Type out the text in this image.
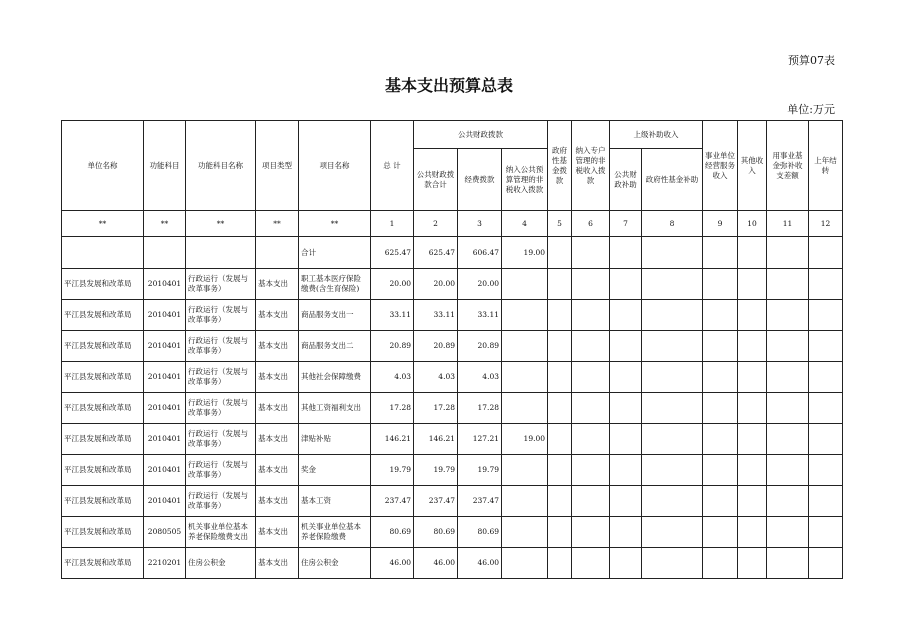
预算07表
基本支出预算总表
单位:万元
单位名称	功能科目	功能科目名称	项目类型	项目名称	总 计	公共财政拨款			政府性基金拨款	纳入专户管理的非税收入拨款	上级补助收入		事业单位经营服务收入	其他收入	用事业基金弥补收支差额	上年结转
						公共财政拨款合计	经费拨款	纳入公共预算管理的非税收入拨款			公共财政补助	政府性基金补助				
**	**	**	**	**	1	2	3	4	5	6	7	8	9	10	11	12
				合计	625.47	625.47	606.47	19.00								
平江县发展和改革局	2010401	行政运行（发展与改革事务）	基本支出	职工基本医疗保险缴费(含生育保险)	20.00	20.00	20.00									
平江县发展和改革局	2010401	行政运行（发展与改革事务）	基本支出	商品服务支出一	33.11	33.11	33.11									
平江县发展和改革局	2010401	行政运行（发展与改革事务）	基本支出	商品服务支出二	20.89	20.89	20.89									
平江县发展和改革局	2010401	行政运行（发展与改革事务）	基本支出	其他社会保障缴费	4.03	4.03	4.03									
平江县发展和改革局	2010401	行政运行（发展与改革事务）	基本支出	其他工资福利支出	17.28	17.28	17.28									
平江县发展和改革局	2010401	行政运行（发展与改革事务）	基本支出	津贴补贴	146.21	146.21	127.21	19.00								
平江县发展和改革局	2010401	行政运行（发展与改革事务）	基本支出	奖金	19.79	19.79	19.79									
平江县发展和改革局	2010401	行政运行（发展与改革事务）	基本支出	基本工资	237.47	237.47	237.47									
平江县发展和改革局	2080505	机关事业单位基本养老保险缴费支出	基本支出	机关事业单位基本养老保险缴费	80.69	80.69	80.69									
平江县发展和改革局	2210201	住房公积金	基本支出	住房公积金	46.00	46.00	46.00									
